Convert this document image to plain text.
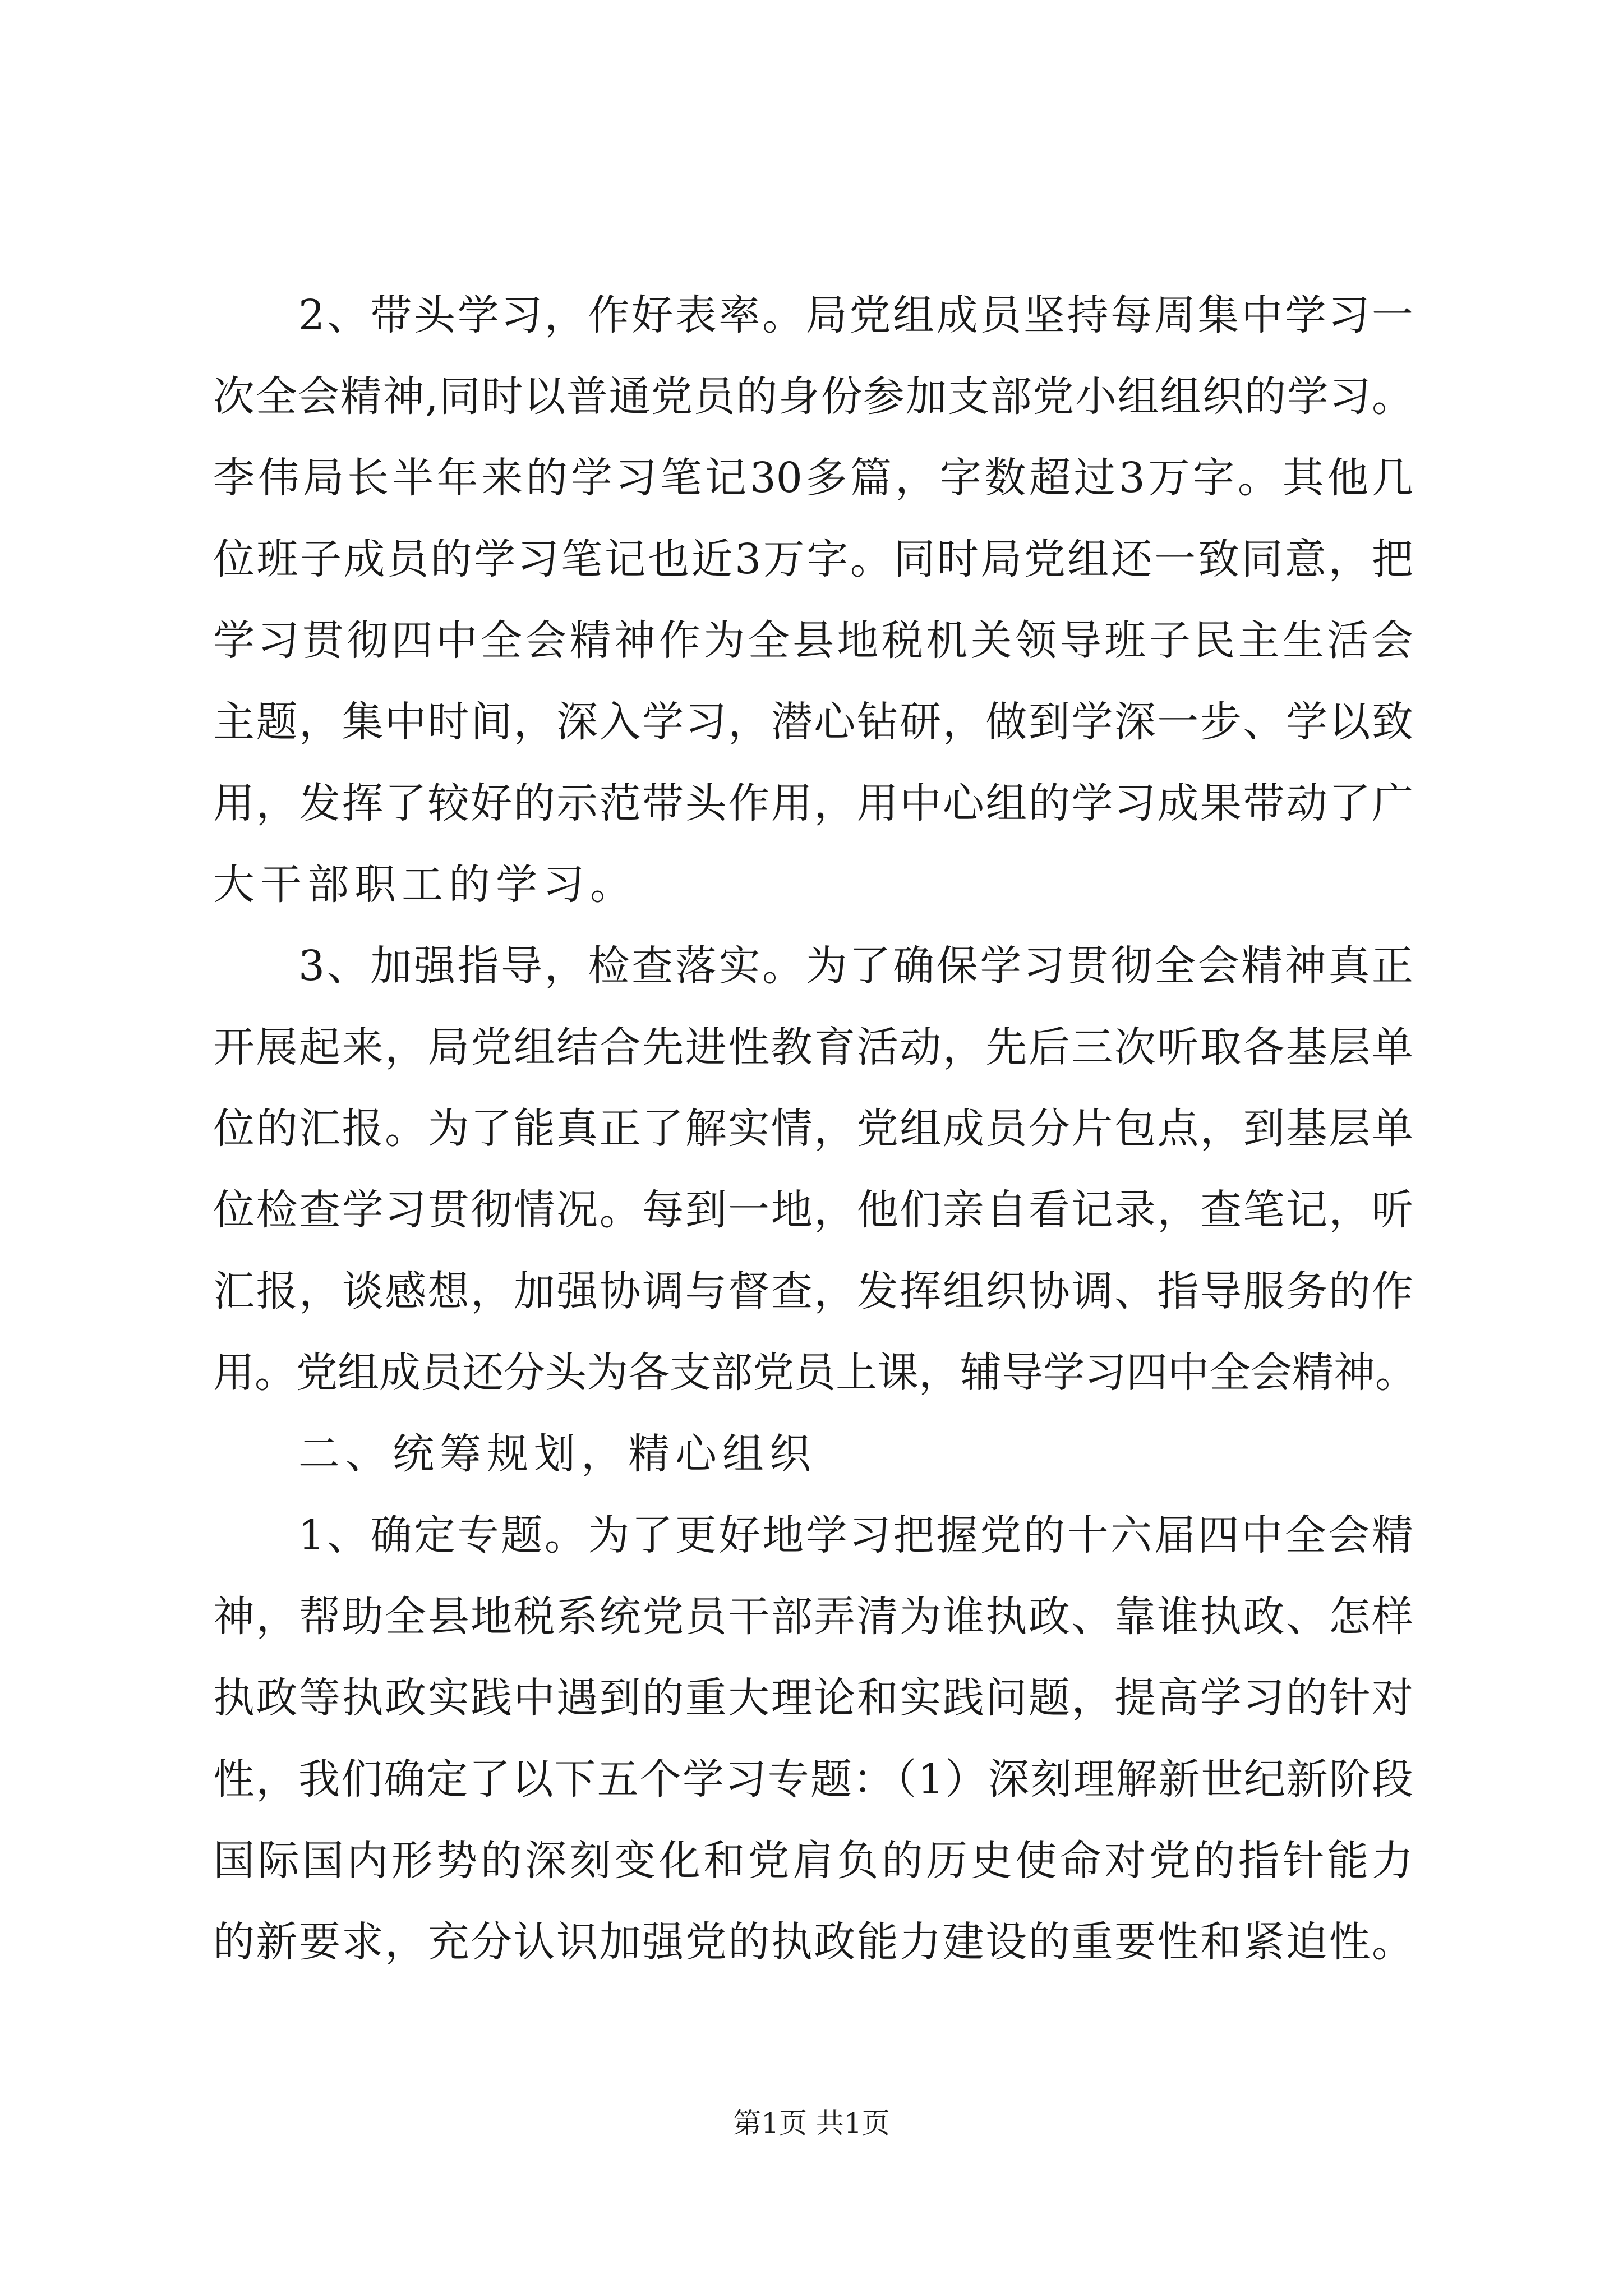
2、带头学习，作好表率。局党组成员坚持每周集中学习一
次全会精神,同时以普通党员的身份参加支部党小组组织的学习。
李伟局长半年来的学习笔记30多篇，字数超过3万字。其他几
位班子成员的学习笔记也近3万字。同时局党组还一致同意，把
学习贯彻四中全会精神作为全县地税机关领导班子民主生活会
主题，集中时间，深入学习，潜心钻研，做到学深一步、学以致
用，发挥了较好的示范带头作用，用中心组的学习成果带动了广
大干部职工的学习。
3、加强指导，检查落实。为了确保学习贯彻全会精神真正
开展起来，局党组结合先进性教育活动，先后三次听取各基层单
位的汇报。为了能真正了解实情，党组成员分片包点，到基层单
位检查学习贯彻情况。每到一地，他们亲自看记录，查笔记，听
汇报，谈感想，加强协调与督查，发挥组织协调、指导服务的作
用。党组成员还分头为各支部党员上课，辅导学习四中全会精神。
二、统筹规划，精心组织
1、确定专题。为了更好地学习把握党的十六届四中全会精
神，帮助全县地税系统党员干部弄清为谁执政、靠谁执政、怎样
执政等执政实践中遇到的重大理论和实践问题，提高学习的针对
性，我们确定了以下五个学习专题：（1）深刻理解新世纪新阶段
国际国内形势的深刻变化和党肩负的历史使命对党的指针能力
的新要求，充分认识加强党的执政能力建设的重要性和紧迫性。
第1页 共1页
